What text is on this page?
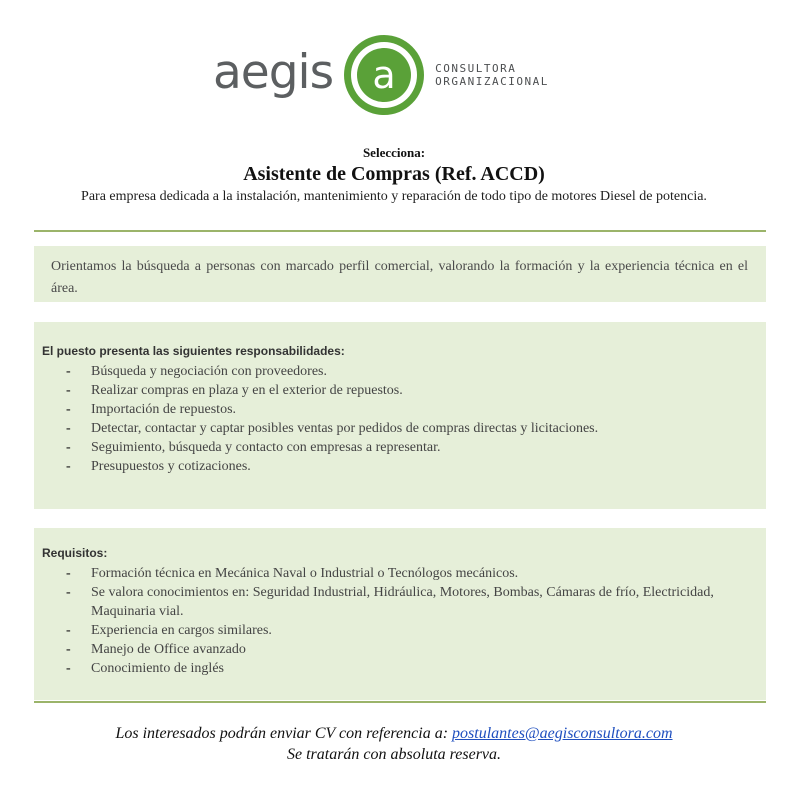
aegis a	CONSULTORA
ORGANIZACIONAL
Selecciona:
Asistente de Compras (Ref. ACCD)
Para empresa dedicada a la instalación, mantenimiento y reparación de todo tipo de motores Diesel de potencia.
Orientamos la búsqueda a personas con marcado perfil comercial, valorando la formación y la experiencia técnica en el área.
El puesto presenta las siguientes responsabilidades:
- Búsqueda y negociación con proveedores.
- Realizar compras en plaza y en el exterior de repuestos.
- Importación de repuestos.
- Detectar, contactar y captar posibles ventas por pedidos de compras directas y licitaciones.
- Seguimiento, búsqueda y contacto con empresas a representar.
- Presupuestos y cotizaciones.
Requisitos:
- Formación técnica en Mecánica Naval o Industrial o Tecnólogos mecánicos.
- Se valora conocimientos en: Seguridad Industrial, Hidráulica, Motores, Bombas, Cámaras de frío, Electricidad, Maquinaria vial.
- Experiencia en cargos similares.
- Manejo de Office avanzado
- Conocimiento de inglés
Los interesados podrán enviar CV con referencia a: postulantes@aegisconsultora.com
Se tratarán con absoluta reserva.
